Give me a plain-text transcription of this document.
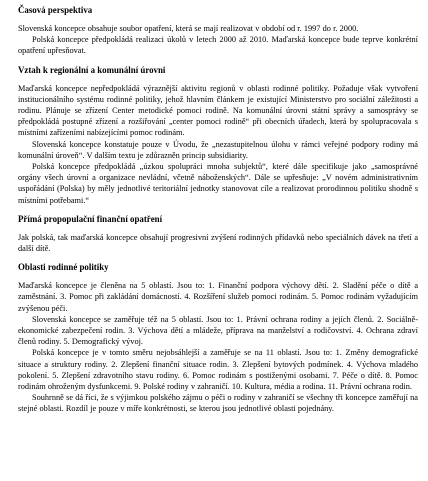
Časová perspektiva

Slovenská koncepce obsahuje soubor opatření, která se mají realizovat v období od r. 1997 do r. 2000.

Polská koncepce předpokládá realizaci úkolů v letech 2000 až 2010. Maďarská koncepce bude teprve konkrétní opatření upřesňovat.

Vztah k regionální a komunální úrovni

Maďarská koncepce nepředpokládá výraznější aktivitu regionů v oblasti rodinné politiky. Požaduje však vytvoření institucionálního systému rodinné politiky, jehož hlavním článkem je existující Ministerstvo pro sociální záležitosti a rodinu. Plánuje se zřízení Center metodické pomoci rodině. Na komunální úrovni státní správy a samosprávy se předpokládá postupné zřízení a rozšiřování „center pomoci rodině“ při obecních úřadech, která by spolupracovala s místními zařízeními nabízejícími pomoc rodinám.

Slovenská koncepce konstatuje pouze v Úvodu, že „nezastupitelnou úlohu v rámci veřejné podpory rodiny má komunální úroveň“. V dalším textu je zdůrazněn princip subsidiarity.

Polská koncepce předpokládá „úzkou spolupráci mnoha subjektů“, které dále specifikuje jako „samosprávné orgány všech úrovní a organizace nevládní, včetně náboženských“. Dále se upřesňuje: „V novém administrativním uspořádání (Polska) by měly jednotlivé teritoriální jednotky stanovovat cíle a realizovat prorodinnou politiku shodně s místními potřebami.“

Přímá propopulační finanční opatření

Jak polská, tak maďarská koncepce obsahují progresivní zvýšení rodinných přídavků nebo speciálních dávek na třetí a další dítě.

Oblasti rodinné politiky

Maďarská koncepce je členěna na 5 oblastí. Jsou to: 1. Finanční podpora výchovy dětí. 2. Sladění péče o dítě a zaměstnání. 3. Pomoc při zakládání domácností. 4. Rozšíření služeb pomoci rodinám. 5. Pomoc rodinám vyžadujícím zvýšenou péči.

Slovenská koncepce se zaměřuje též na 5 oblastí. Jsou to: 1. Právní ochrana rodiny a jejích členů. 2. Sociálně-ekonomické zabezpečení rodin. 3. Výchova dětí a mládeže, příprava na manželství a rodičovství. 4. Ochrana zdraví členů rodiny. 5. Demografický vývoj.

Polská koncepce je v tomto směru nejobsáhlejší a zaměřuje se na 11 oblastí. Jsou to: 1. Změny demografické situace a struktury rodiny. 2. Zlepšení finanční situace rodin. 3. Zlepšení bytových podmínek. 4. Výchova mladého pokolení. 5. Zlepšení zdravotního stavu rodiny. 6. Pomoc rodinám s postiženými osobami. 7. Péče o dítě. 8. Pomoc rodinám ohroženým dysfunkcemi. 9. Polské rodiny v zahraničí. 10. Kultura, média a rodina. 11. Právní ochrana rodin.

Souhrnně se dá říci, že s výjimkou polského zájmu o péči o rodiny v zahraničí se všechny tři koncepce zaměřují na stejné oblasti. Rozdíl je pouze v míře konkrétnosti, se kterou jsou jednotlivé oblasti pojednány.
